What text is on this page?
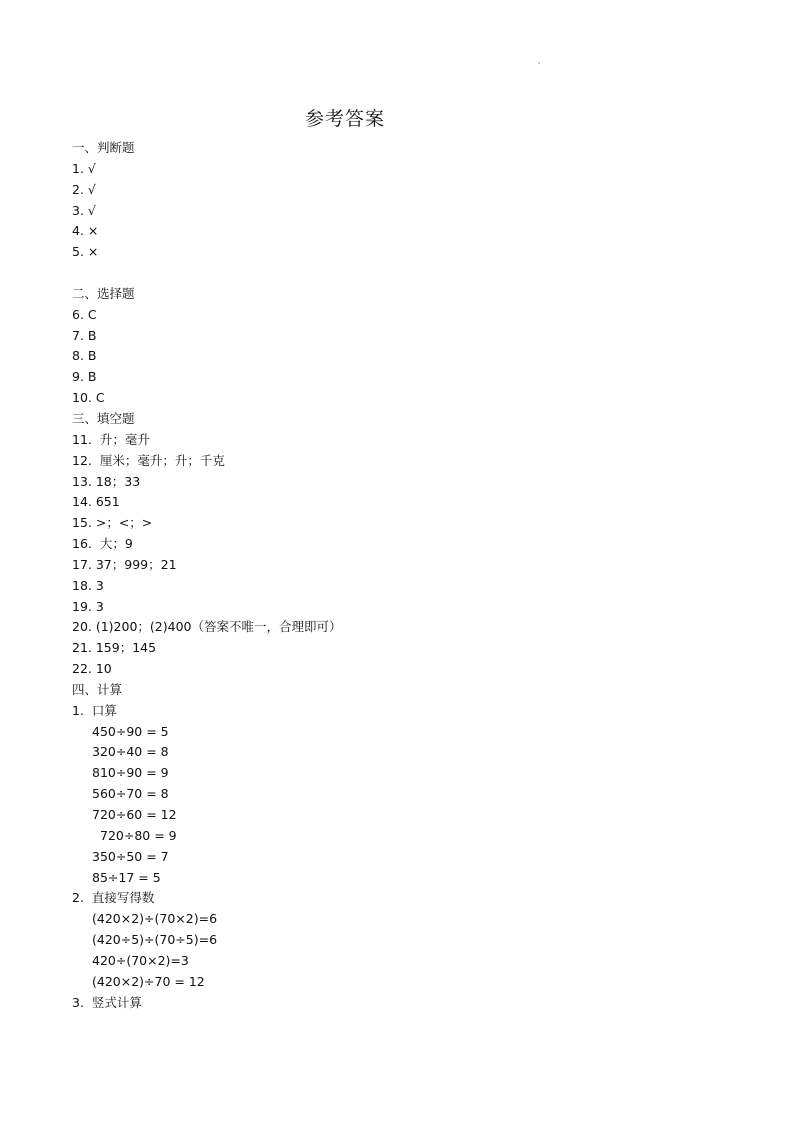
参考答案
一、判断题
1. √
2. √
3. √
4. ×
5. ×
二、选择题
6. C
7. B
8. B
9. B
10. C
三、填空题
11.  升；毫升
12.  厘米；毫升；升；千克
13. 18；33
14. 651
15. >；<；>
16.  大；9
17. 37；999；21
18. 3
19. 3
20. (1)200；(2)400（答案不唯一，合理即可）
21. 159；145
22. 10
四、计算
1.  口算
450÷90 = 5
320÷40 = 8
810÷90 = 9
560÷70 = 8
720÷60 = 12
720÷80 = 9
350÷50 = 7
85÷17 = 5
2.  直接写得数
(420×2)÷(70×2)=6
(420÷5)÷(70÷5)=6
420÷(70×2)=3
(420×2)÷70 = 12
3.  竖式计算
